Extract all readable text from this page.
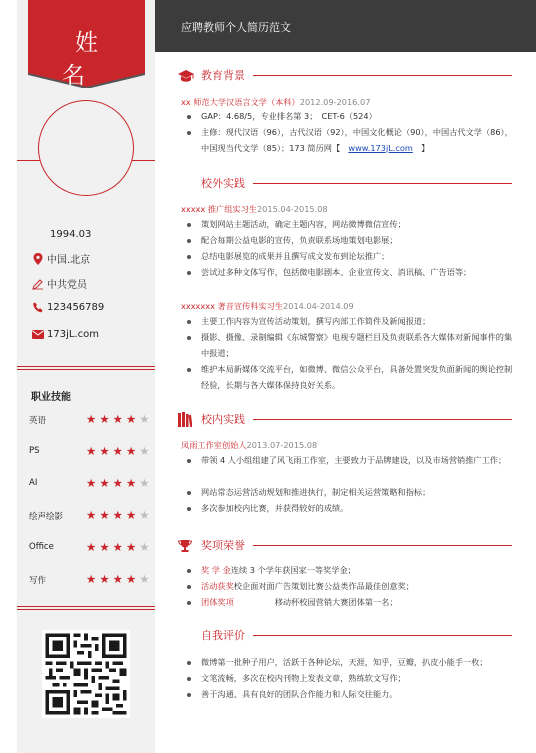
1994.03
中国.北京
中共党员
123456789
173jL.com
职业技能
英语	★★★★★
PS	★★★★★
AI	★★★★★
绘声绘影 ★★★★★
Office	★★★★★
写作	★★★★★
姓名
应聘教师个人简历范文
教育背景
xx 师范大学汉语言文学（本科）2012.09-2016.07
GAP：4.68/5，专业排名第 3；　CET-6（524）
主修：现代汉语（96），古代汉语（92），中国文化概论（90），中国古代文学（86），中国现当代文学（85）；173 简历网【　www.173jL.com　】
校外实践
xxxxx 推广组实习生2015.04-2015.08
策划网站主题活动，确定主题内容，网站微博微信宣传；
配合每期公益电影的宣传，负责联系场地策划电影展；
总结电影展览的成果并且撰写成文发布到论坛推广；
尝试过多种文体写作，包括微电影剧本、企业宣传文、消讯稿、广告语等；
xxxxxxx 著音宣传科实习生2014.04-2014.09
主要工作内容为宣传活动策划，撰写内部工作简件及新闻报道；
摄影、摄像、录制编辑《东城警察》电视专题栏目及负责联系各大媒体对新闻事件的集中报道；
维护本局新媒体交流平台，如微博、微信公众平台，具备处置突发负面新闻的舆论控制经验，长期与各大媒体保持良好关系。
校内实践
凤雨工作室创始人2013.07-2015.08
带领 4 人小组组建了风飞雨工作室，主要致力于品牌建设，以及市场营销推广工作；
网站常态运营活动规划和推进执行，制定相关运营策略和指标；
多次参加校内比赛，并获得较好的成绩。
奖项荣誉
奖 学 金连续 3 个学年获国家一等奖学金；
活动获奖校企面对面广告策划比赛公益类作品最佳创意奖；
团体奖项　　　　　移动杯校园营销大赛团体第一名；
自我评价
微博第一批种子用户，活跃于各种论坛，天涯，知乎，豆瓣，扒皮小能手一枚；
文笔流畅，多次在校内刊物上发表文章，熟练软文写作；
善于沟通、具有良好的团队合作能力和人际交往能力。
